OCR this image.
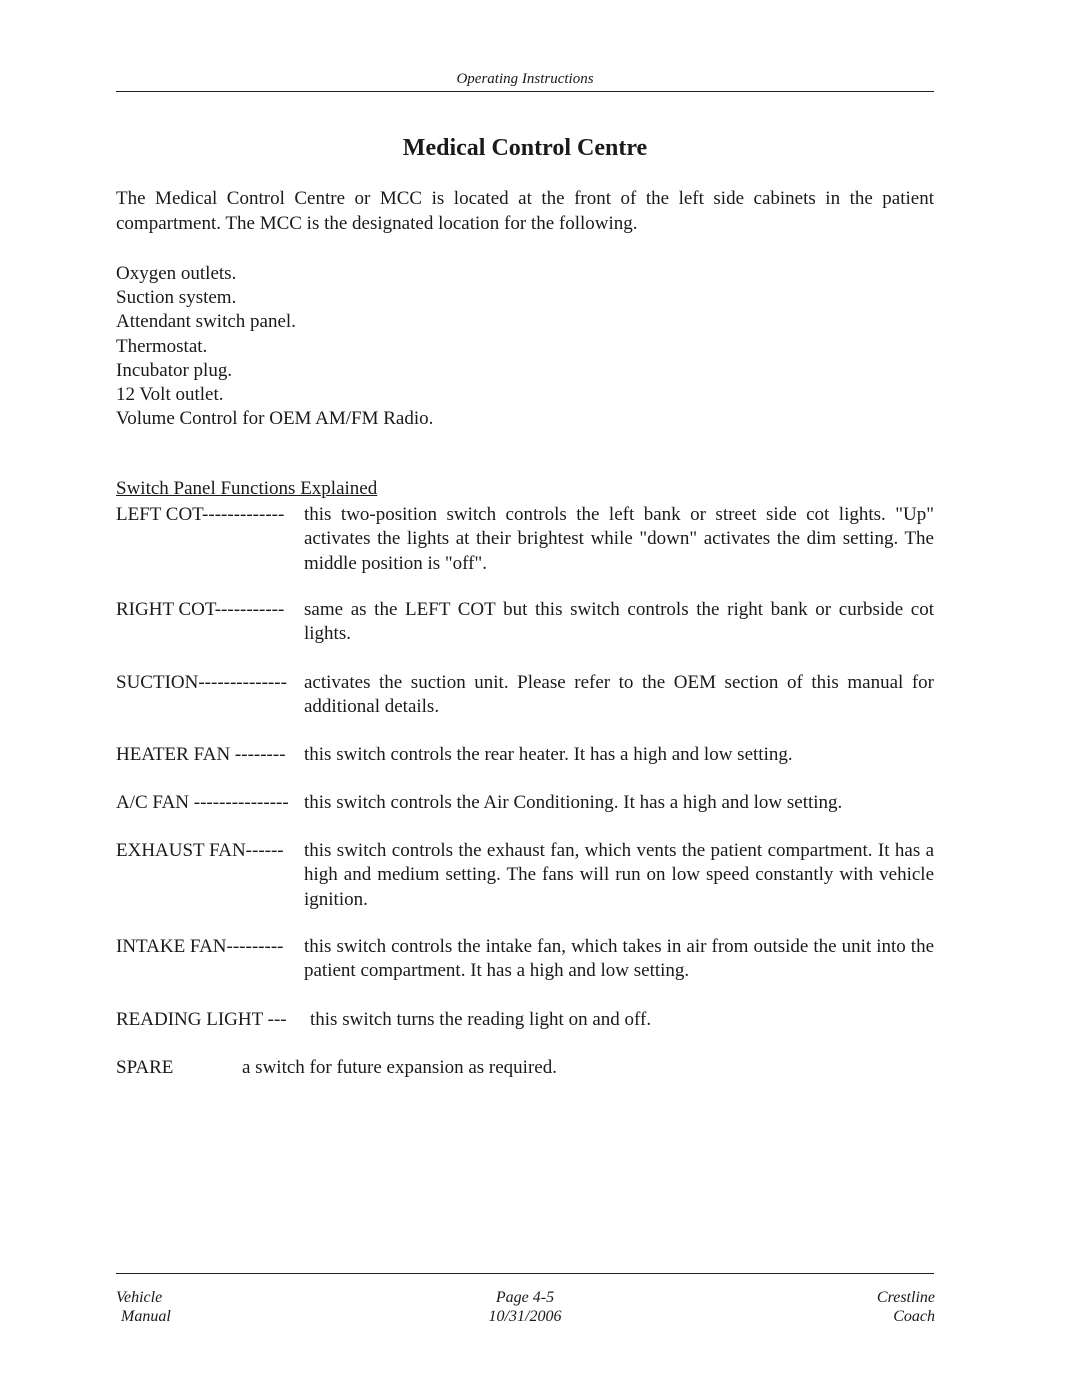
Operating Instructions
Medical Control Centre

The Medical Control Centre or MCC is located at the front of the left side cabinets in the patient compartment. The MCC is the designated location for the following.

Oxygen outlets.
Suction system.
Attendant switch panel.
Thermostat.
Incubator plug.
12 Volt outlet.
Volume Control for OEM AM/FM Radio.
Switch Panel Functions Explained
LEFT COT------------- this two-position switch controls the left bank or street side cot lights. "Up" activates the lights at their brightest while "down" activates the dim setting. The middle position is "off".
RIGHT COT----------- same as the LEFT COT but this switch controls the right bank or curbside cot lights.
SUCTION-------------- activates the suction unit. Please refer to the OEM section of this manual for additional details.
HEATER FAN -------- this switch controls the rear heater. It has a high and low setting.
A/C FAN --------------- this switch controls the Air Conditioning. It has a high and low setting.
EXHAUST FAN------ this switch controls the exhaust fan, which vents the patient compartment. It has a high and medium setting. The fans will run on low speed constantly with vehicle ignition.
INTAKE FAN--------- this switch controls the intake fan, which takes in air from outside the unit into the patient compartment. It has a high and low setting.
READING LIGHT --- this switch turns the reading light on and off.
SPARE	a switch for future expansion as required.
Vehicle
Manual
Page 4-5
10/31/2006
Crestline
Coach
